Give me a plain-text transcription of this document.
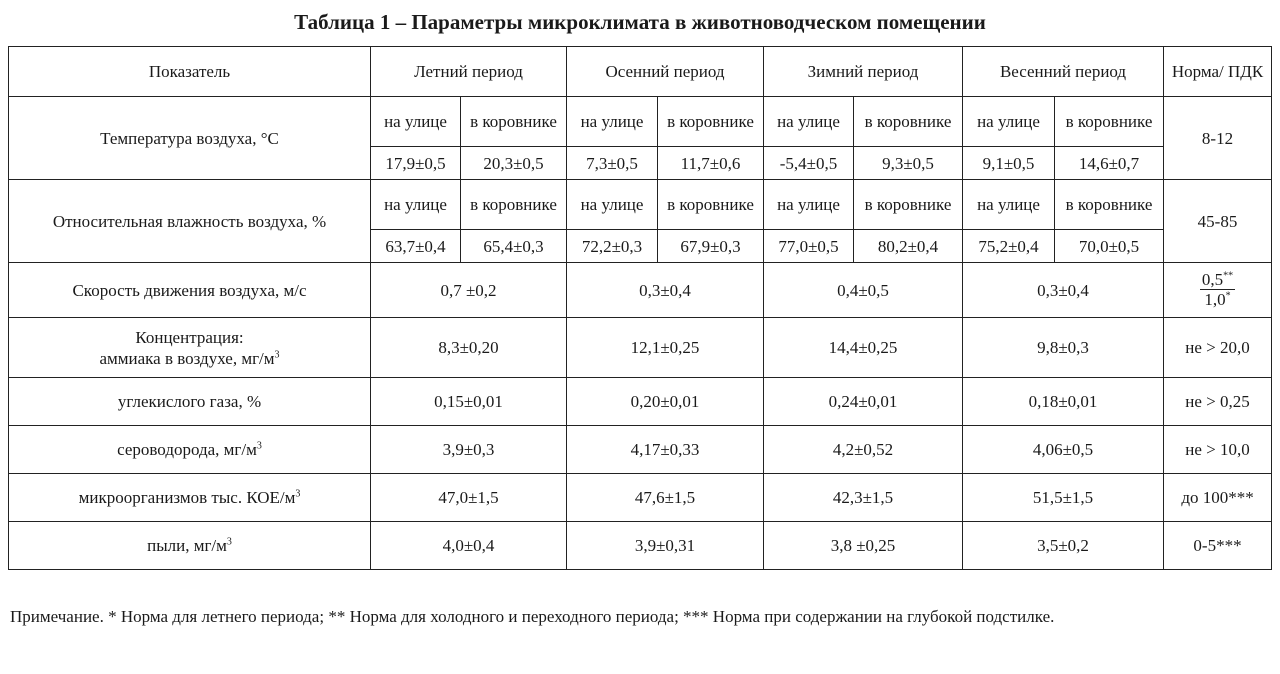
Таблица 1 – Параметры микроклимата в животноводческом помещении
Показатель	Летний период		Осенний период		Зимний период		Весенний период		Норма/ ПДК
Температура воздуха, °С	на улице	в коровнике	на улице	в коровнике	на улице	в коровнике	на улице	в коровнике	8-12
	17,9±0,5	20,3±0,5	7,3±0,5	11,7±0,6	-5,4±0,5	9,3±0,5	9,1±0,5	14,6±0,7	
Относительная влажность воздуха, %	на улице	в коровнике	на улице	в коровнике	на улице	в коровнике	на улице	в коровнике	45-85
	63,7±0,4	65,4±0,3	72,2±0,3	67,9±0,3	77,0±0,5	80,2±0,4	75,2±0,4	70,0±0,5	
Скорость движения воздуха, м/с	0,7 ±0,2		0,3±0,4		0,4±0,5		0,3±0,4		$\frac{0,5^{**}}{1,0^*}$

Концентрация:
аммиака в воздухе, $мг/м^3$	8,3±0,20		12,1±0,25		14,4±0,25		9,8±0,3		не > 20,0
углекислого газа, %	0,15±0,01		0,20±0,01		0,24±0,01		0,18±0,01		не > 0,25
сероводорода, $мг/м^3$	3,9±0,3		4,17±0,33		4,2±0,52		4,06±0,5		не > 10,0
микроорганизмов тыс. КОЕ/$м^3$	47,0±1,5		47,6±1,5		42,3±1,5		51,5±1,5		до 100***
пыли, $мг/м^3$	4,0±0,4		3,9±0,31		3,8 ±0,25		3,5±0,2		0-5***
Примечание. * Норма для летнего периода; ** Норма для холодного и переходного периода; *** Норма при содержании на глубокой подстилке.
